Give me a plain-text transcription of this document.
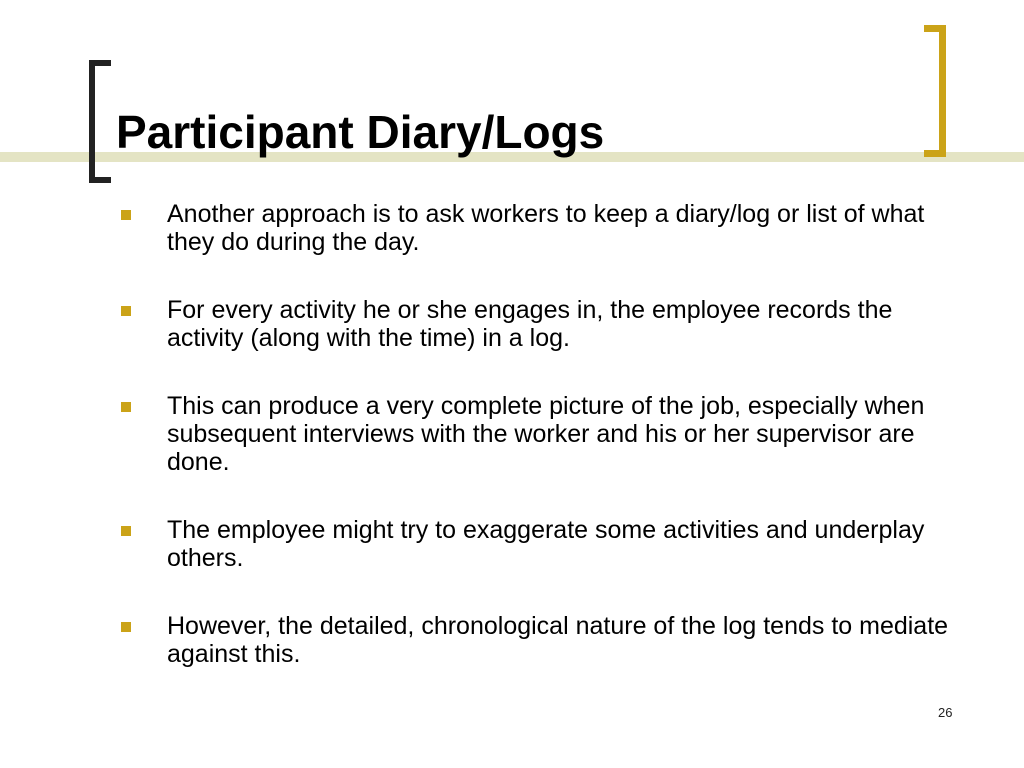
Participant Diary/Logs
Another approach is to ask workers to keep a diary/log or list of what they do during the day.
For every activity he or she engages in, the employee records the activity (along with the time) in a log.
This can produce a very complete picture of the job, especially when subsequent interviews with the worker and his or her supervisor are done.
The employee might try to exaggerate some activities and underplay others.
However, the detailed, chronological nature of the log tends to mediate against this.
26
